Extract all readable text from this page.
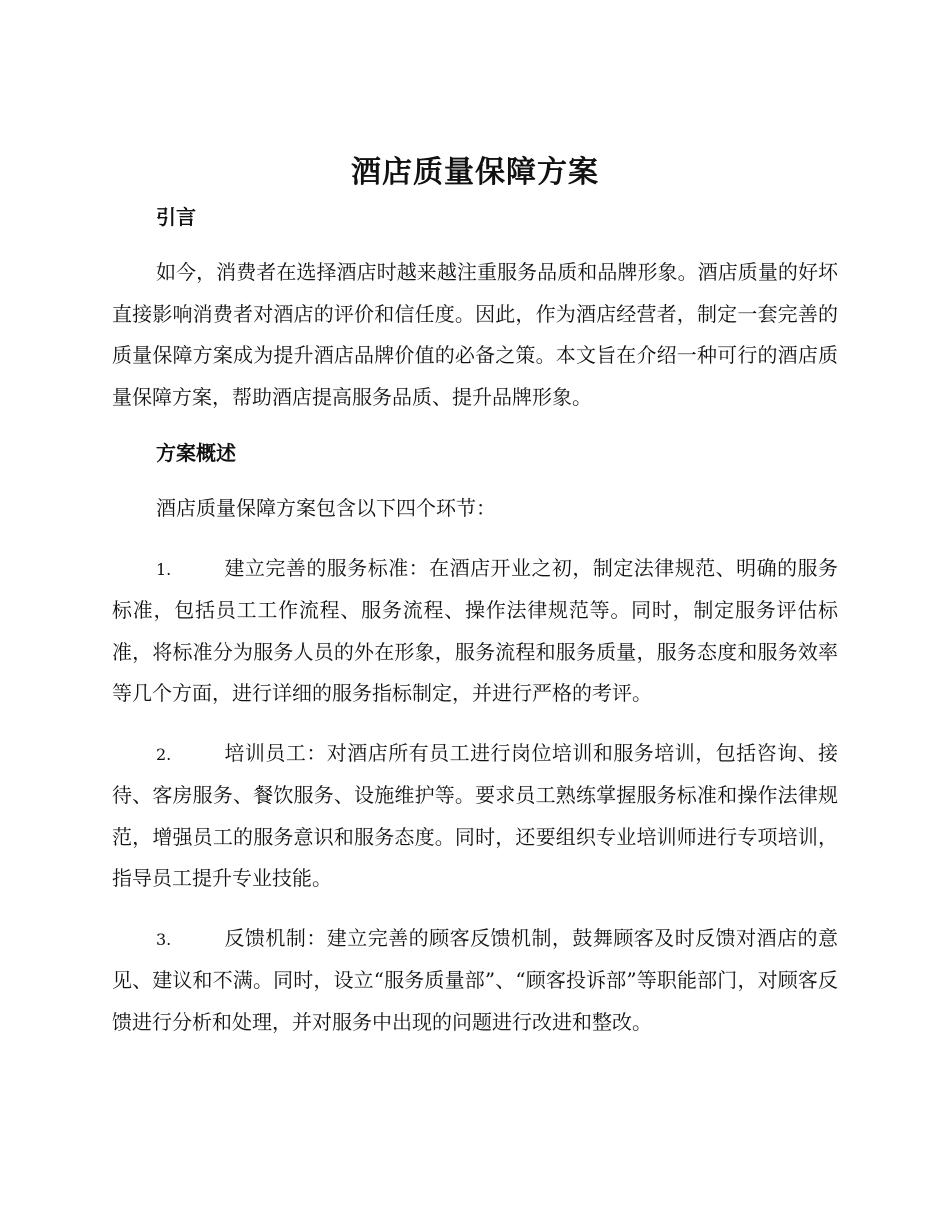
酒店质量保障方案
引言

如今，消费者在选择酒店时越来越注重服务品质和品牌形象。酒店质量的好坏直接影响消费者对酒店的评价和信任度。因此，作为酒店经营者，制定一套完善的质量保障方案成为提升酒店品牌价值的必备之策。本文旨在介绍一种可行的酒店质量保障方案，帮助酒店提高服务品质、提升品牌形象。

方案概述

酒店质量保障方案包含以下四个环节：

1.	建立完善的服务标准：在酒店开业之初，制定法律规范、明确的服务标准，包括员工工作流程、服务流程、操作法律规范等。同时，制定服务评估标准，将标准分为服务人员的外在形象，服务流程和服务质量，服务态度和服务效率等几个方面，进行详细的服务指标制定，并进行严格的考评。

2.	培训员工：对酒店所有员工进行岗位培训和服务培训，包括咨询、接待、客房服务、餐饮服务、设施维护等。要求员工熟练掌握服务标准和操作法律规范，增强员工的服务意识和服务态度。同时，还要组织专业培训师进行专项培训，指导员工提升专业技能。

3.	反馈机制：建立完善的顾客反馈机制，鼓舞顾客及时反馈对酒店的意见、建议和不满。同时，设立“服务质量部”、“顾客投诉部”等职能部门，对顾客反馈进行分析和处理，并对服务中出现的问题进行改进和整改。
